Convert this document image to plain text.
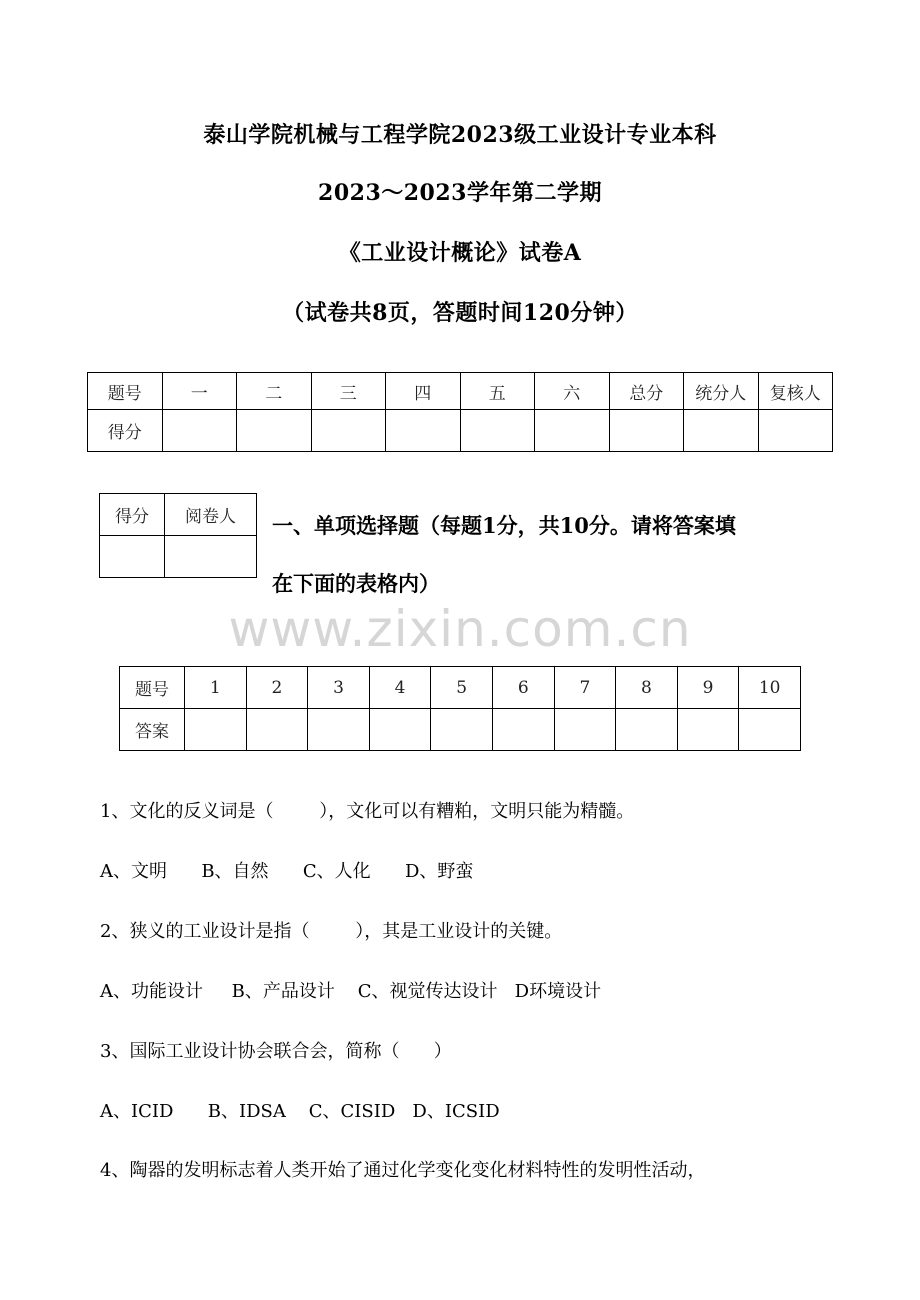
泰山学院机械与工程学院2023级工业设计专业本科
2023～2023学年第二学期
《工业设计概论》试卷A
（试卷共8页，答题时间120分钟）
题号	一	二	三	四	五	六	总分	统分人	复核人
得分									
得分	阅卷人
	一、单项选择题（每题1分，共10分。请将答案填
在下面的表格内）
www.zixin.com.cn
题号	1	2	3	4	5	6	7	8	9	10
答案										
1、文化的反义词是（        ），文化可以有糟粕，文明只能为精髓。
A、文明      B、自然      C、人化      D、野蛮
2、狭义的工业设计是指（        ），其是工业设计的关键。
A、功能设计     B、产品设计    C、视觉传达设计   D环境设计
3、国际工业设计协会联合会，简称（      ）
A、ICID      B、IDSA    C、CISID   D、ICSID
4、陶器的发明标志着人类开始了通过化学变化变化材料特性的发明性活动，
